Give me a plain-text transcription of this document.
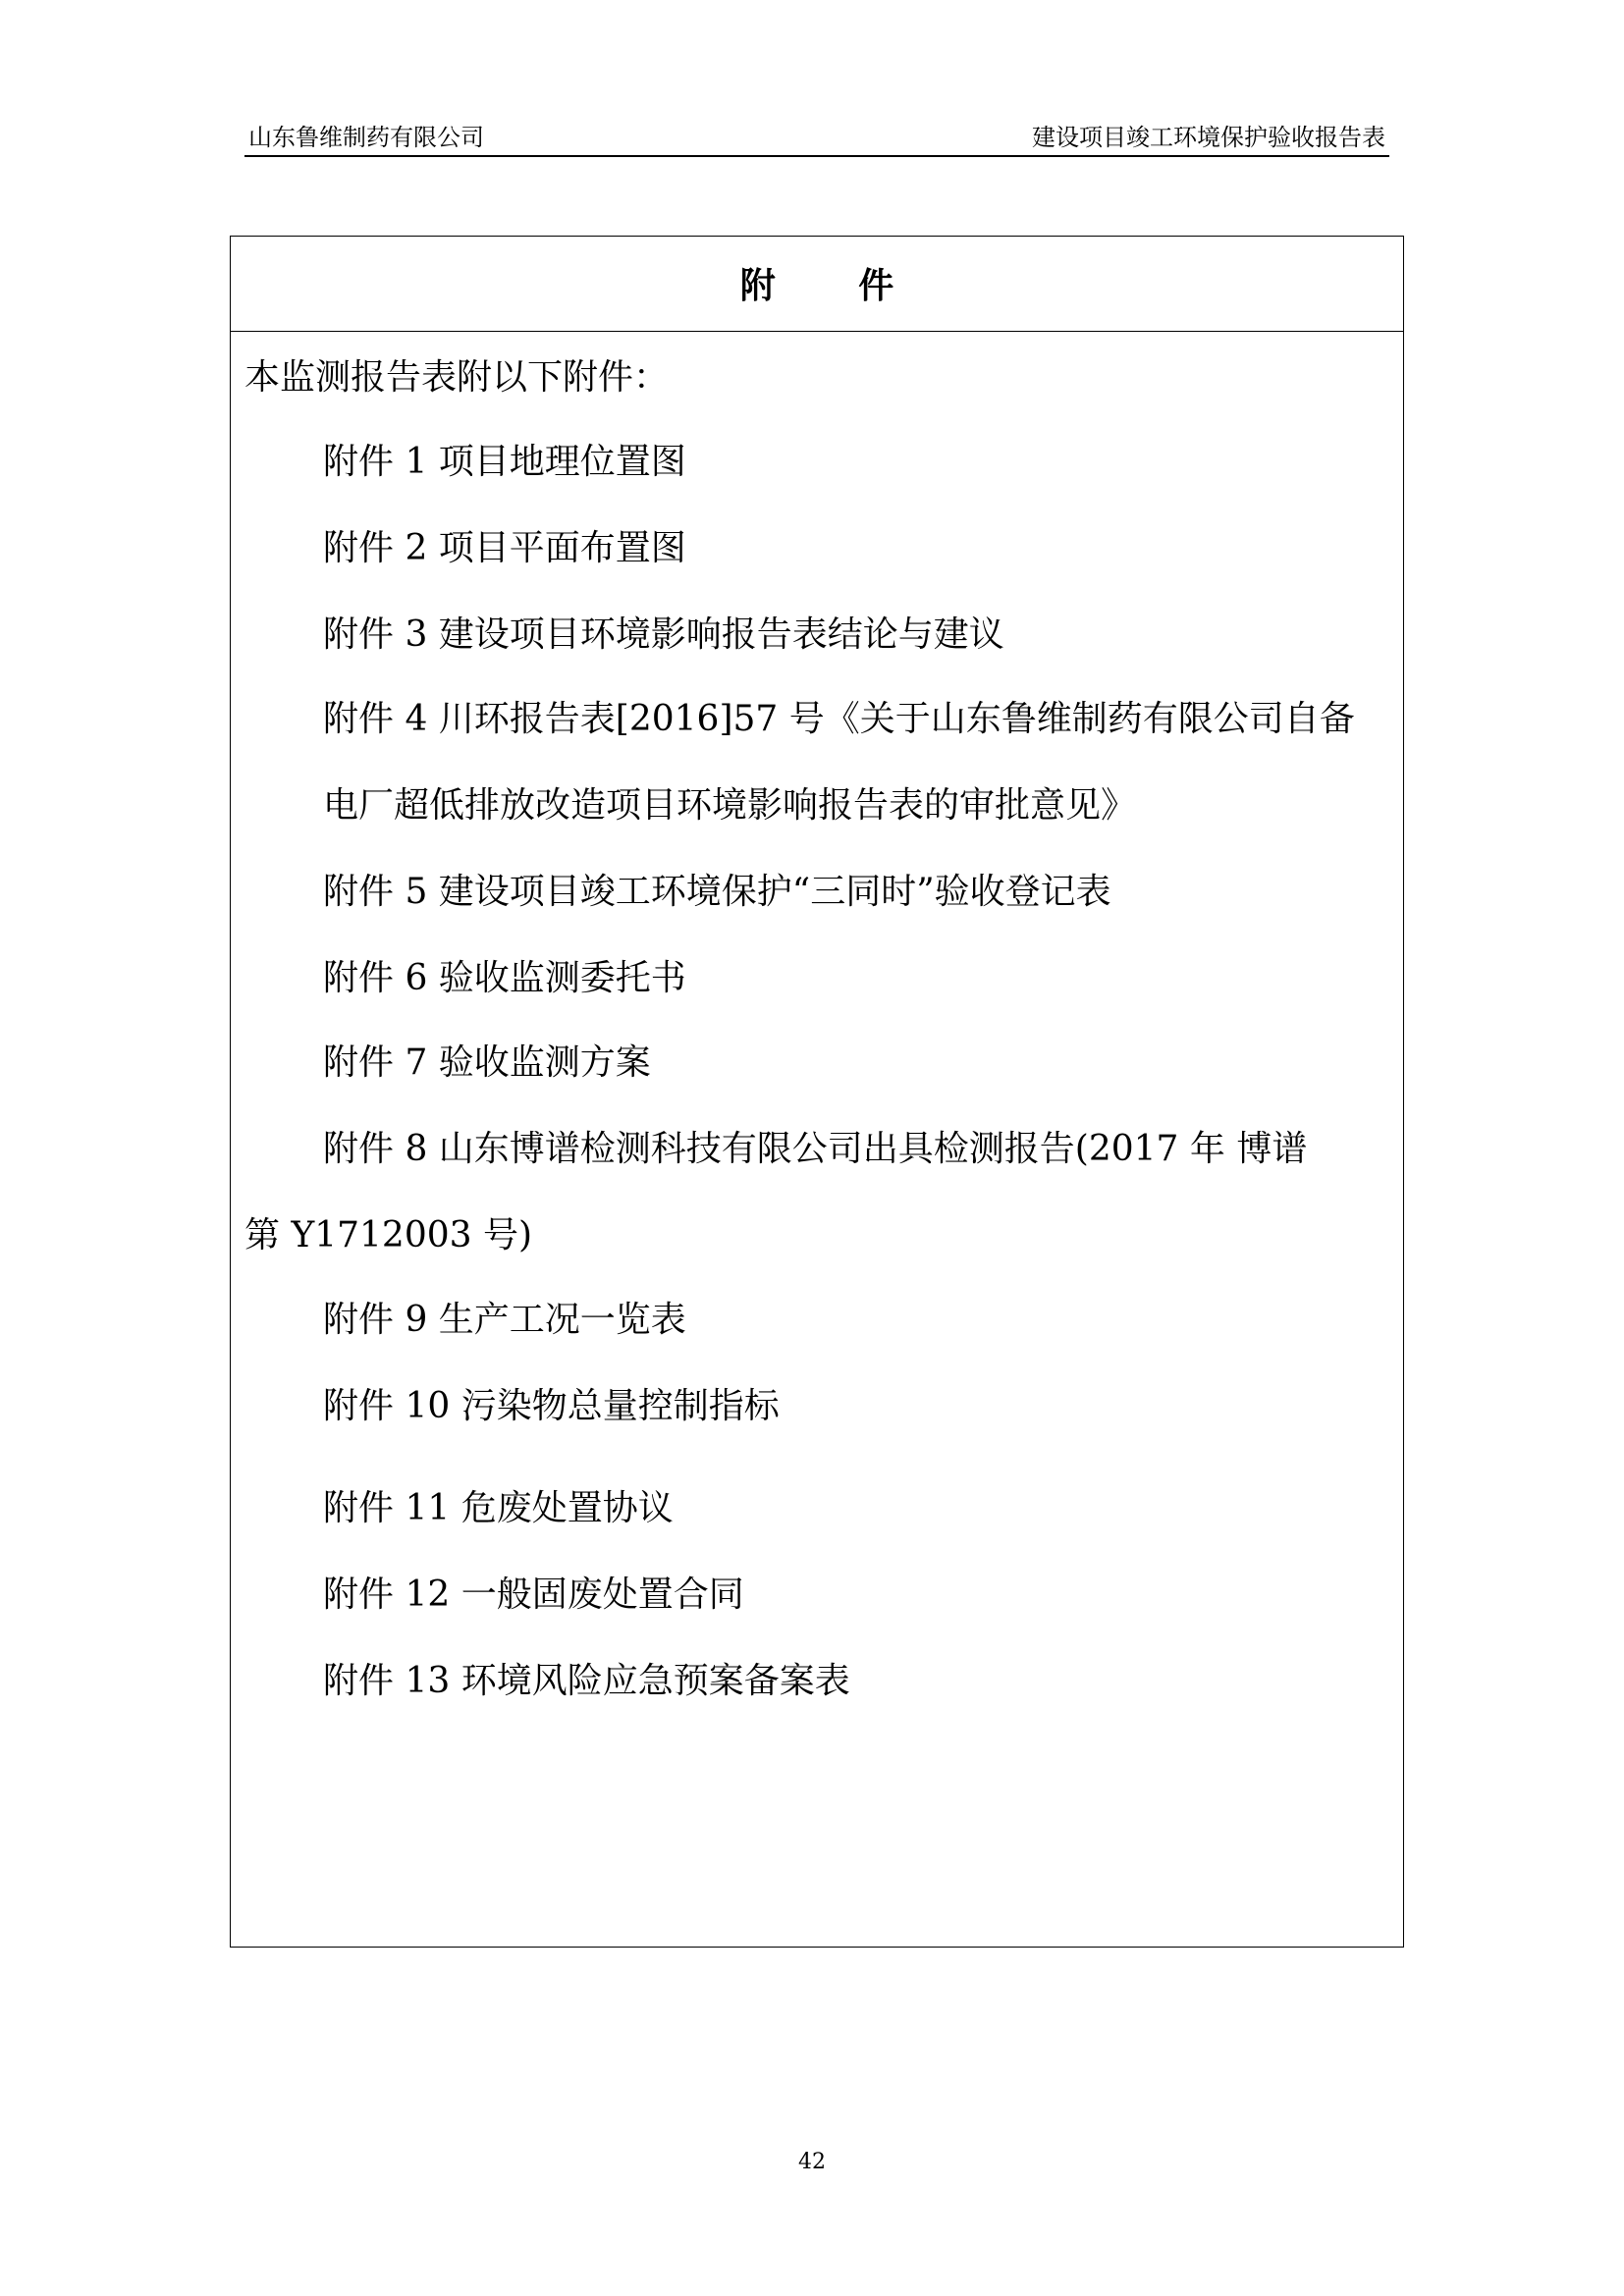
山东鲁维制药有限公司	建设项目竣工环境保护验收报告表
附 件
本监测报告表附以下附件：
附件 1 项目地理位置图
附件 2 项目平面布置图
附件 3 建设项目环境影响报告表结论与建议
附件 4 川环报告表[2016]57 号《关于山东鲁维制药有限公司自备
电厂超低排放改造项目环境影响报告表的审批意见》
附件 5 建设项目竣工环境保护“三同时”验收登记表
附件 6 验收监测委托书
附件 7 验收监测方案
附件 8 山东博谱检测科技有限公司出具检测报告(2017 年 博谱
第 Y1712003 号)
附件 9 生产工况一览表
附件 10 污染物总量控制指标
附件 11 危废处置协议
附件 12 一般固废处置合同
附件 13 环境风险应急预案备案表
42
